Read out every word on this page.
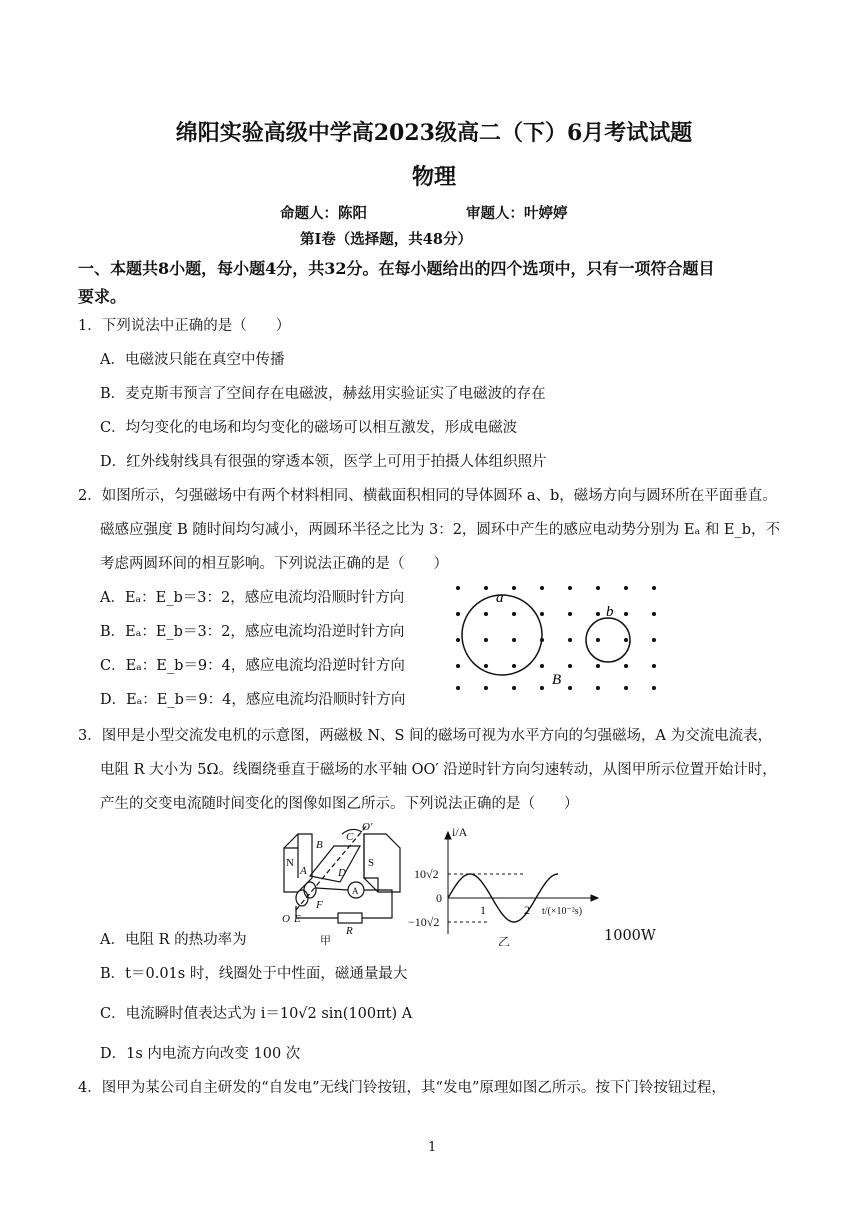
绵阳实验高级中学高2023级高二（下）6月考试试题
物理
命题人：陈阳	审题人：叶婷婷
第Ⅰ卷（选择题，共48分）
一、本题共8小题，每小题4分，共32分。在每小题给出的四个选项中，只有一项符合题目
要求。
1．下列说法中正确的是（　　）
A．电磁波只能在真空中传播
B．麦克斯韦预言了空间存在电磁波，赫兹用实验证实了电磁波的存在
C．均匀变化的电场和均匀变化的磁场可以相互激发，形成电磁波
D．红外线射线具有很强的穿透本领，医学上可用于拍摄人体组织照片
2．如图所示，匀强磁场中有两个材料相同、横截面积相同的导体圆环 a、b，磁场方向与圆环所在平面垂直。
磁感应强度 B 随时间均匀减小，两圆环半径之比为 3：2，圆环中产生的感应电动势分别为 Eₐ 和 E_b，不
考虑两圆环间的相互影响。下列说法正确的是（　　）
A．Eₐ：E_b＝3：2，感应电流均沿顺时针方向
B．Eₐ：E_b＝3：2，感应电流均沿逆时针方向
C．Eₐ：E_b＝9：4，感应电流均沿逆时针方向
D．Eₐ：E_b＝9：4，感应电流均沿顺时针方向
a
b
B
3．图甲是小型交流发电机的示意图，两磁极 N、S 间的磁场可视为水平方向的匀强磁场，A 为交流电流表，
电阻 R 大小为 5Ω。线圈绕垂直于磁场的水平轴 OO′ 沿逆时针方向匀速转动，从图甲所示位置开始计时，
产生的交变电流随时间变化的图像如图乙所示。下列说法正确的是（　　）
N	S
A
B
C
D
O′
O E
F
R
A
甲
i/A
10√2
0
−10√2
1	2 t/(×10⁻²s)
乙
A．电阻 R 的热功率为	1000W
B．t＝0.01s 时，线圈处于中性面，磁通量最大
C．电流瞬时值表达式为 i＝10√2 sin(100πt) A
D．1s 内电流方向改变 100 次
4．图甲为某公司自主研发的“自发电”无线门铃按钮，其“发电”原理如图乙所示。按下门铃按钮过程，
1
